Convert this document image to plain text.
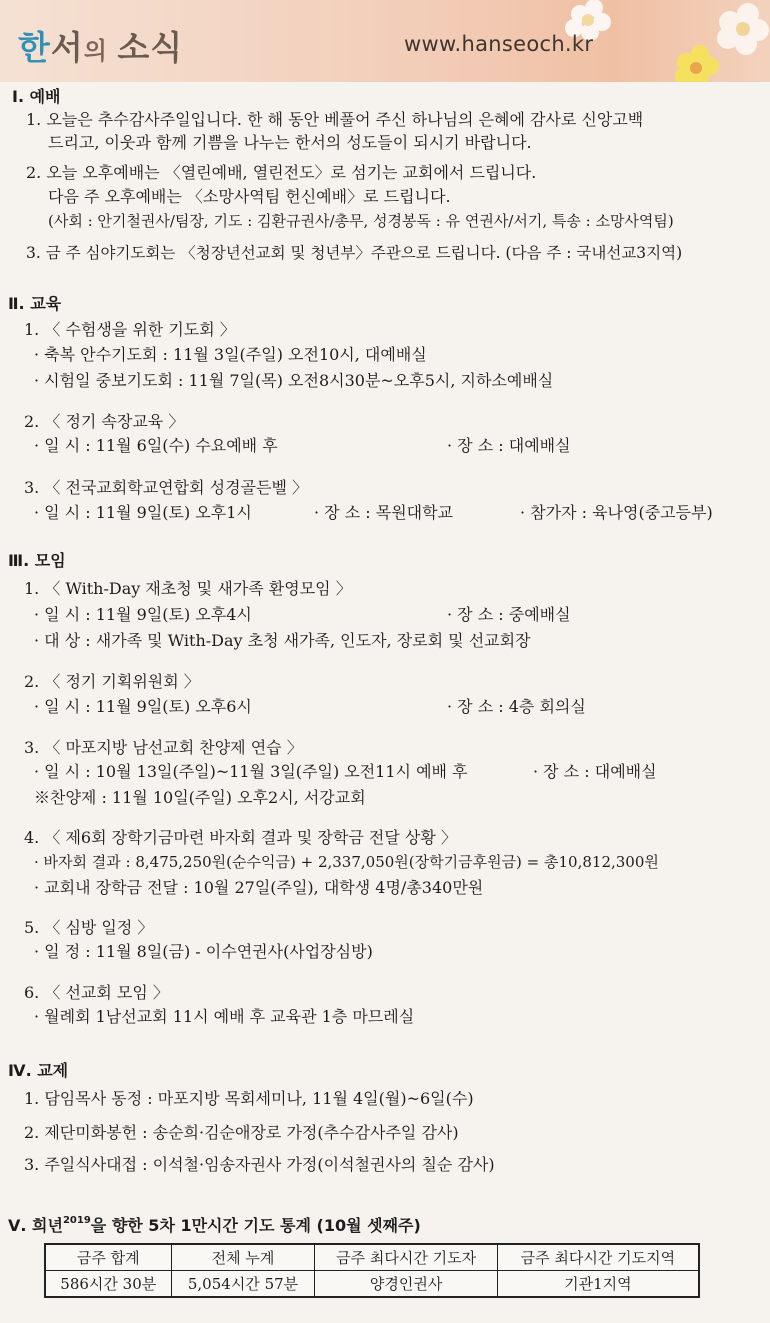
한서의 소식	www.hanseoch.kr
Ⅰ. 예배
1. 오늘은 추수감사주일입니다. 한 해 동안 베풀어 주신 하나님의 은혜에 감사로 신앙고백
드리고, 이웃과 함께 기쁨을 나누는 한서의 성도들이 되시기 바랍니다.
2. 오늘 오후예배는 〈열린예배, 열린전도〉로 섬기는 교회에서 드립니다.
다음 주 오후예배는 〈소망사역팀 헌신예배〉로 드립니다.
(사회 : 안기철권사/팀장, 기도 : 김환규권사/총무, 성경봉독 : 유 연권사/서기, 특송 : 소망사역팀)
3. 금 주 심야기도회는 〈청장년선교회 및 청년부〉주관으로 드립니다. (다음 주 : 국내선교3지역)
Ⅱ. 교육
1. 〈 수험생을 위한 기도회 〉
· 축복 안수기도회 : 11월 3일(주일) 오전10시, 대예배실
· 시험일 중보기도회 : 11월 7일(목) 오전8시30분~오후5시, 지하소예배실
2. 〈 정기 속장교육 〉
· 일 시 : 11월 6일(수) 수요예배 후	· 장 소 : 대예배실
3. 〈 전국교회학교연합회 성경골든벨 〉
· 일 시 : 11월 9일(토) 오후1시	· 장 소 : 목원대학교	· 참가자 : 육나영(중고등부)
Ⅲ. 모임
1. 〈 With-Day 재초청 및 새가족 환영모임 〉
· 일 시 : 11월 9일(토) 오후4시	· 장 소 : 중예배실
· 대 상 : 새가족 및 With-Day 초청 새가족, 인도자, 장로회 및 선교회장
2. 〈 정기 기획위원회 〉
· 일 시 : 11월 9일(토) 오후6시	· 장 소 : 4층 회의실
3. 〈 마포지방 남선교회 찬양제 연습 〉
· 일 시 : 10월 13일(주일)~11월 3일(주일) 오전11시 예배 후	· 장 소 : 대예배실
※찬양제 : 11월 10일(주일) 오후2시, 서강교회
4. 〈 제6회 장학기금마련 바자회 결과 및 장학금 전달 상황 〉
· 바자회 결과 : 8,475,250원(순수익금) + 2,337,050원(장학기금후원금) = 총10,812,300원
· 교회내 장학금 전달 : 10월 27일(주일), 대학생 4명/총340만원
5. 〈 심방 일정 〉
· 일 정 : 11월 8일(금) - 이수연권사(사업장심방)
6. 〈 선교회 모임 〉
· 월례회 1남선교회 11시 예배 후 교육관 1층 마므레실
Ⅳ. 교제
1. 담임목사 동정 : 마포지방 목회세미나, 11월 4일(월)~6일(수)
2. 제단미화봉헌 : 송순희·김순애장로 가정(추수감사주일 감사)
3. 주일식사대접 : 이석철·임송자권사 가정(이석철권사의 칠순 감사)
Ⅴ. 희년$^{2019}$을 향한 5차 1만시간 기도 통계 (10월 셋째주)
금주 합계	전체 누계	금주 최다시간 기도자	금주 최다시간 기도지역
586시간 30분	5,054시간 57분	양경인권사	기관1지역
